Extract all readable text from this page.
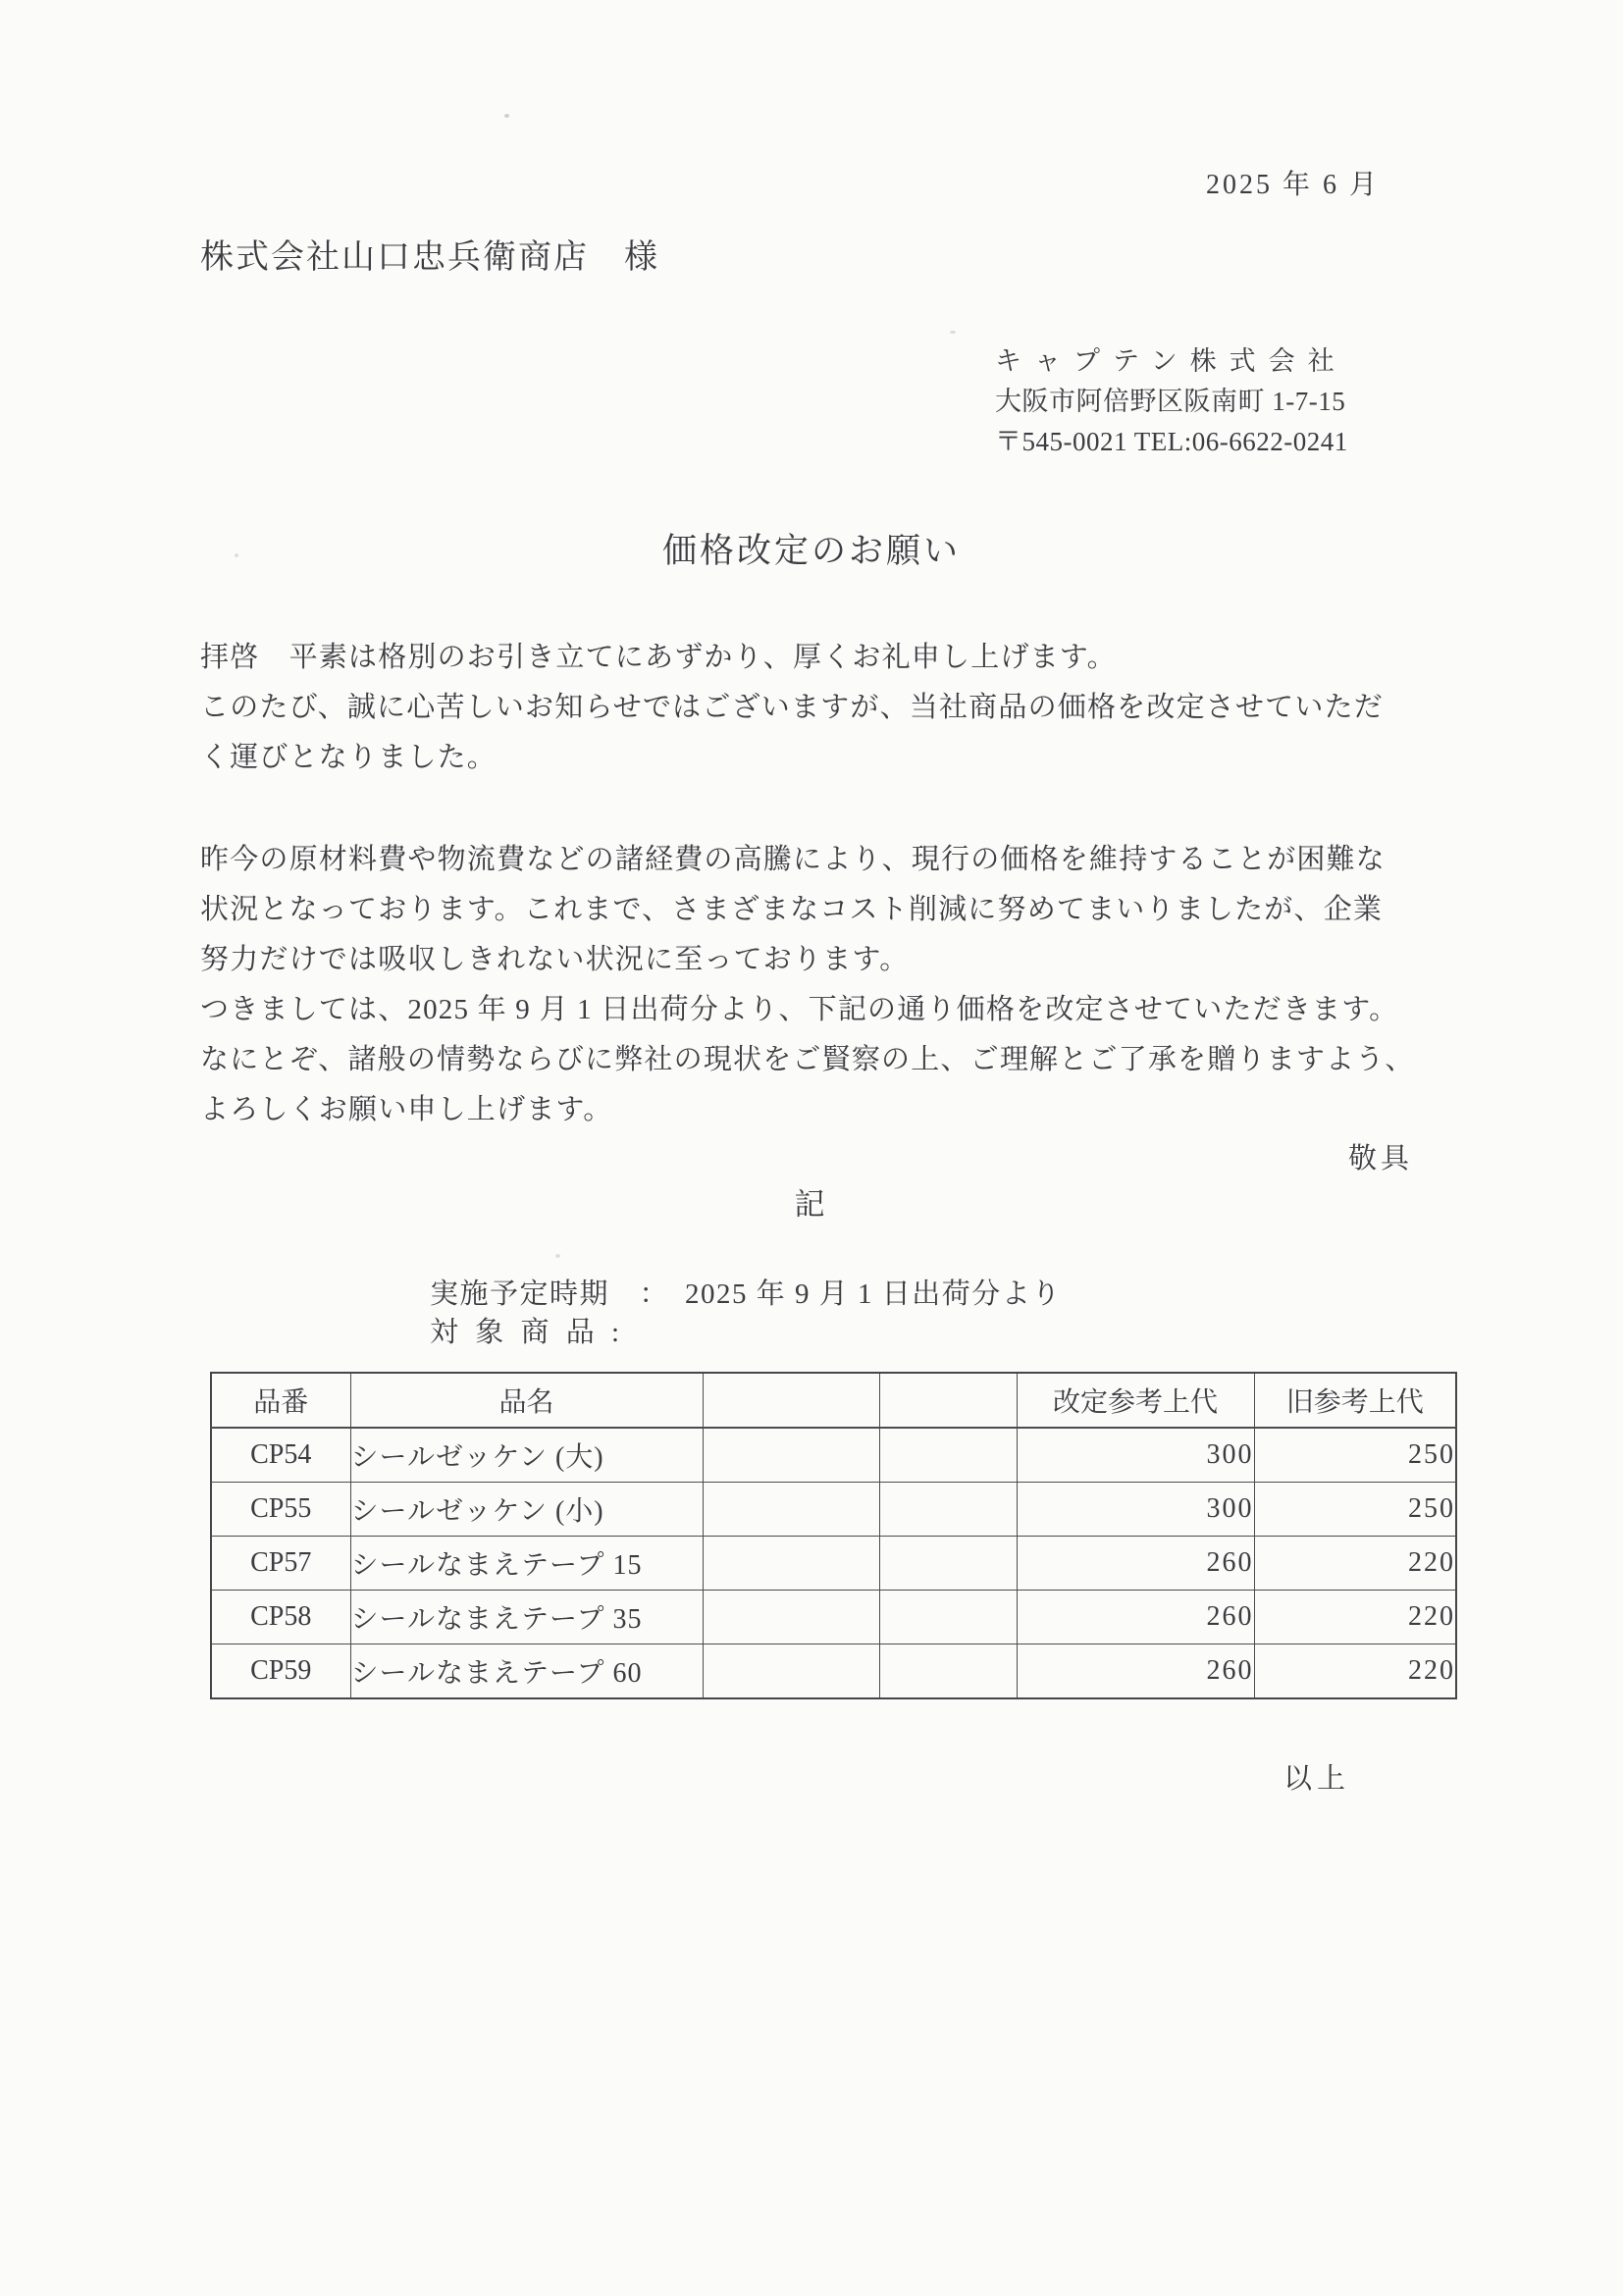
2025 年 6 月
株式会社山口忠兵衛商店　様
キャプテン株式会社
大阪市阿倍野区阪南町 1-7-15
〒545-0021 TEL:06-6622-0241
価格改定のお願い
拝啓　平素は格別のお引き立てにあずかり、厚くお礼申し上げます。
このたび、誠に心苦しいお知らせではございますが、当社商品の価格を改定させていただ
く運びとなりました。
昨今の原材料費や物流費などの諸経費の高騰により、現行の価格を維持することが困難な
状況となっております。これまで、さまざまなコスト削減に努めてまいりましたが、企業
努力だけでは吸収しきれない状況に至っております。
つきましては、2025 年 9 月 1 日出荷分より、下記の通り価格を改定させていただきます。
なにとぞ、諸般の情勢ならびに弊社の現状をご賢察の上、ご理解とご了承を贈りますよう、
よろしくお願い申し上げます。
敬具
記
実施予定時期　：　2025 年 9 月 1 日出荷分より
対 象 商 品 :
品番	品名			改定参考上代	旧参考上代
CP54	シールゼッケン (大)			300	250
CP55	シールゼッケン (小)			300	250
CP57	シールなまえテープ 15			260	220
CP58	シールなまえテープ 35			260	220
CP59	シールなまえテープ 60			260	220
以上
